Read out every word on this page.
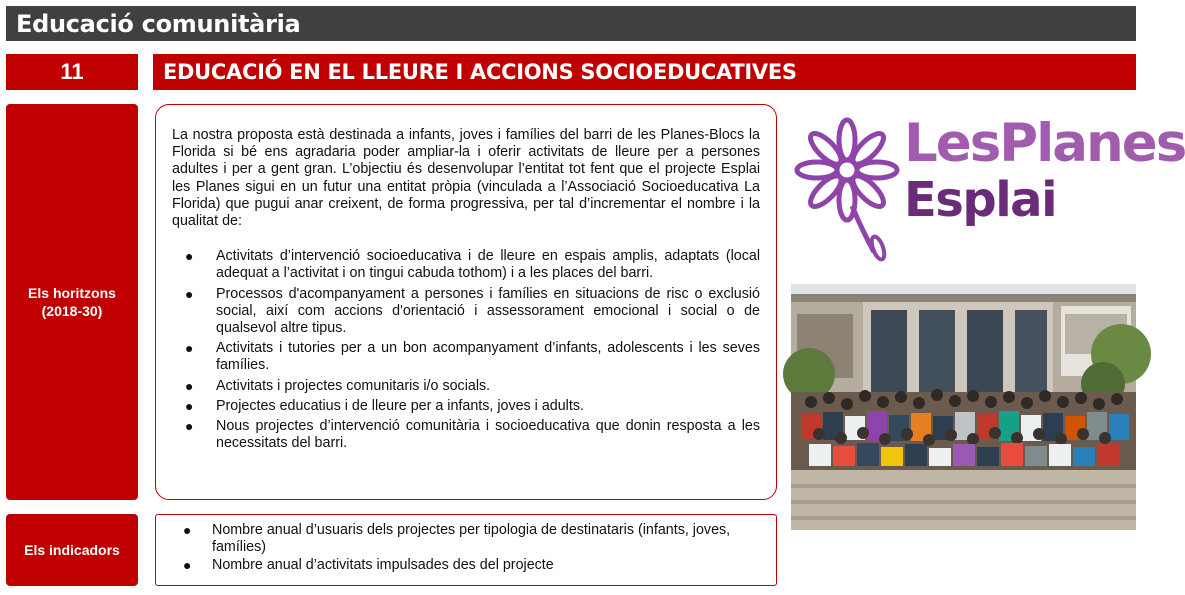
Educació comunitària
11	EDUCACIÓ EN EL LLEURE I ACCIONS SOCIOEDUCATIVES
Els horitzons
(2018-30)

La nostra proposta està destinada a infants, joves i famílies del barri de les Planes-Blocs la Florida si bé ens agradaria poder ampliar-la i oferir activitats de lleure per a persones adultes i per a gent gran. L’objectiu és desenvolupar l’entitat tot fent que el projecte Esplai les Planes sigui en un futur una entitat pròpia (vinculada a l’Associació Socioeducativa La Florida) que pugui anar creixent, de forma progressiva, per tal d’incrementar el nombre i la qualitat de:

● Activitats d’intervenció socioeducativa i de lleure en espais amplis, adaptats (local adequat a l’activitat i on tingui cabuda tothom) i a les places del barri.
● Processos d'acompanyament a persones i famílies en situacions de risc o exclusió social, així com accions d'orientació i assessorament emocional i social o de qualsevol altre tipus.
● Activitats i tutories per a un bon acompanyament d’infants, adolescents i les seves famílies.
● Activitats i projectes comunitaris i/o socials.
● Projectes educatius i de lleure per a infants, joves i adults.
● Nous projectes d’intervenció comunitària i socioeducativa que donin resposta a les necessitats del barri.
Els indicadors
● Nombre anual d’usuaris dels projectes per tipologia de destinataris (infants, joves, famílies)
● Nombre anual d’activitats impulsades des del projecte
LesPlanes
Esplai
